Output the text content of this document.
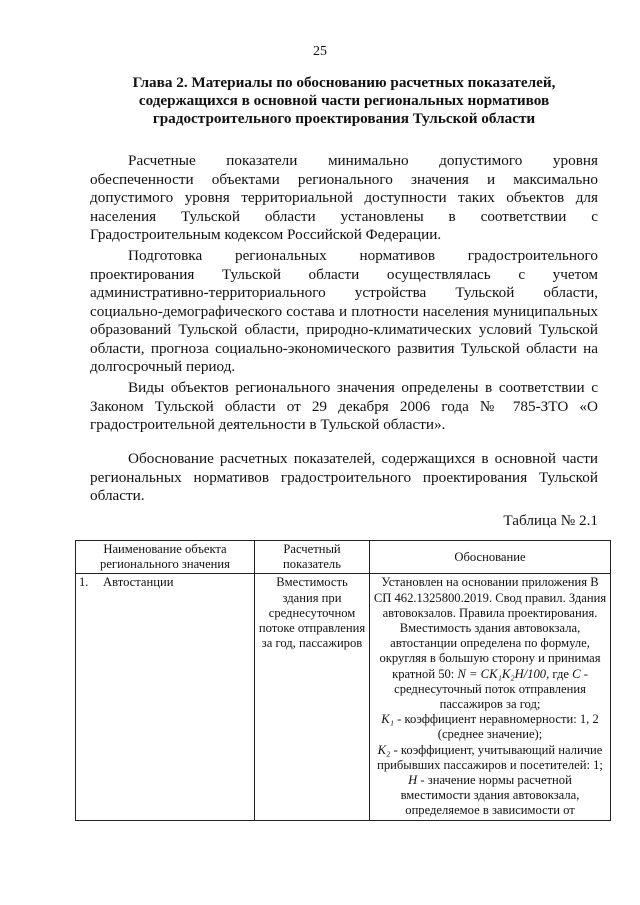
25
Глава 2. Материалы по обоснованию расчетных показателей,
содержащихся в основной части региональных нормативов
градостроительного проектирования Тульской области
Расчетные показатели минимально допустимого уровня обеспеченности объектами регионального значения и максимально допустимого уровня территориальной доступности таких объектов для населения Тульской области установлены в соответствии с Градостроительным кодексом Российской Федерации.
Подготовка региональных нормативов градостроительного проектирования Тульской области осуществлялась с учетом административно-территориального устройства Тульской области, социально-демографического состава и плотности населения муниципальных образований Тульской области, природно-климатических условий Тульской области, прогноза социально-экономического развития Тульской области на долгосрочный период.
Виды объектов регионального значения определены в соответствии с Законом Тульской области от 29 декабря 2006 года № 785-ЗТО «О градостроительной деятельности в Тульской области».
Обоснование расчетных показателей, содержащихся в основной части региональных нормативов градостроительного проектирования Тульской области.
Таблица № 2.1
Наименование объекта регионального значения	Расчетный показатель	Обоснование
1. Автостанции	Вместимость здания при среднесуточном потоке отправления за год, пассажиров	Установлен на основании приложения В СП 462.1325800.2019. Свод правил. Здания автовокзалов. Правила проектирования. Вместимость здания автовокзала, автостанции определена по формуле, округляя в большую сторону и принимая кратной 50: N = CK₁K₂H/100, где C - среднесуточный поток отправления пассажиров за год;
K₁ - коэффициент неравномерности: 1, 2 (среднее значение);
K₂ - коэффициент, учитывающий наличие прибывших пассажиров и посетителей: 1;
H - значение нормы расчетной вместимости здания автовокзала, определяемое в зависимости от
